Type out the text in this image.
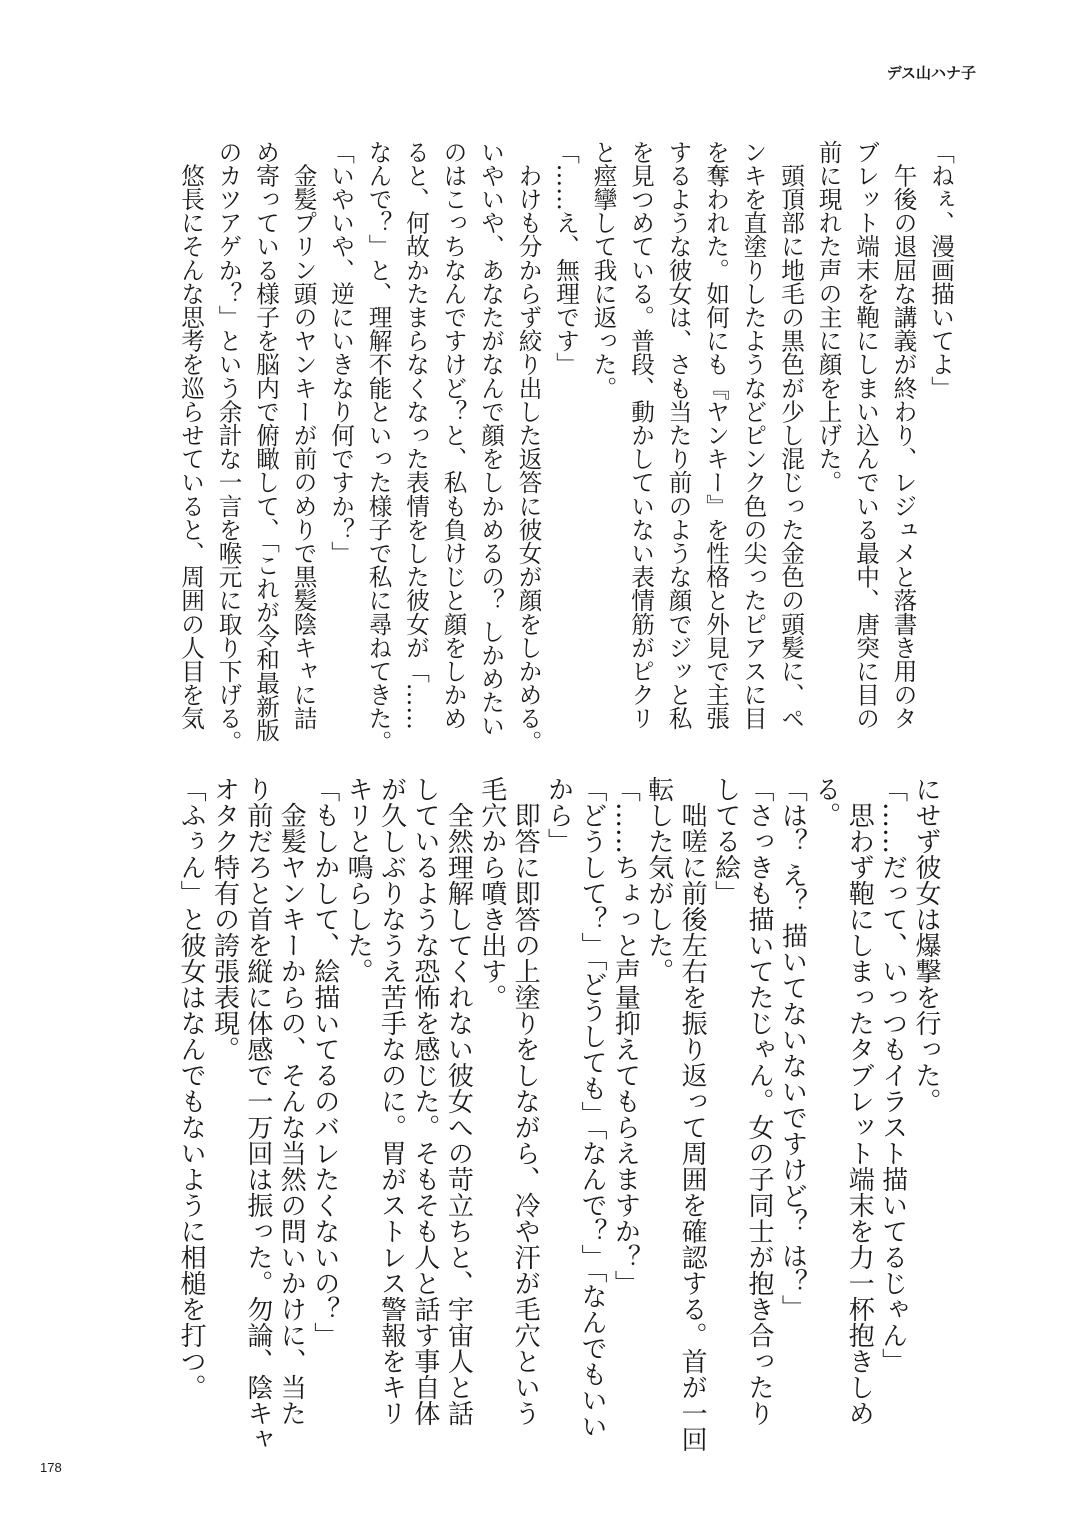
デス山ハナ子
「ねぇ、漫画描いてよ」
　午後の退屈な講義が終わり、レジュメと落書き用のタ
ブレット端末を鞄にしまい込んでいる最中、唐突に目の
前に現れた声の主に顔を上げた。
　頭頂部に地毛の黒色が少し混じった金色の頭髪に、ペ
ンキを直塗りしたようなどピンク色の尖ったピアスに目
を奪われた。如何にも『ヤンキー』を性格と外見で主張
するような彼女は、さも当たり前のような顔でジッと私
を見つめている。普段、動かしていない表情筋がピクリ
と痙攣して我に返った。
「……え、無理です」
　わけも分からず絞り出した返答に彼女が顔をしかめる。
いやいや、あなたがなんで顔をしかめるの？ しかめたい
のはこっちなんですけど？と、私も負けじと顔をしかめ
ると、何故かたまらなくなった表情をした彼女が「……
なんで？」と、理解不能といった様子で私に尋ねてきた。
「いやいや、逆にいきなり何ですか？」
　金髪プリン頭のヤンキーが前のめりで黒髪陰キャに詰
め寄っている様子を脳内で俯瞰して、「これが令和最新版
のカツアゲか？」という余計な一言を喉元に取り下げる。
　悠長にそんな思考を巡らせていると、周囲の人目を気
にせず彼女は爆撃を行った。
「……だって、いっつもイラスト描いてるじゃん」
　思わず鞄にしまったタブレット端末を力一杯抱きしめ
る。
「は？ え？ 描いてないないですけど？ は？」
「さっきも描いてたじゃん。女の子同士が抱き合ったり
してる絵」
　咄嗟に前後左右を振り返って周囲を確認する。首が一回
転した気がした。
「……ちょっと声量抑えてもらえますか？」
「どうして？」「どうしても」「なんで？」「なんでもいい
から」
　即答に即答の上塗りをしながら、冷や汗が毛穴という
毛穴から噴き出す。
　全然理解してくれない彼女への苛立ちと、宇宙人と話
しているような恐怖を感じた。そもそも人と話す事自体
が久しぶりなうえ苦手なのに。胃がストレス警報をキリ
キリと鳴らした。
「もしかして、絵描いてるのバレたくないの？」
　金髪ヤンキーからの、そんな当然の問いかけに、当た
り前だろと首を縦に体感で一万回は振った。勿論、陰キャ
オタク特有の誇張表現。
「ふぅん」と彼女はなんでもないように相槌を打つ。
178
